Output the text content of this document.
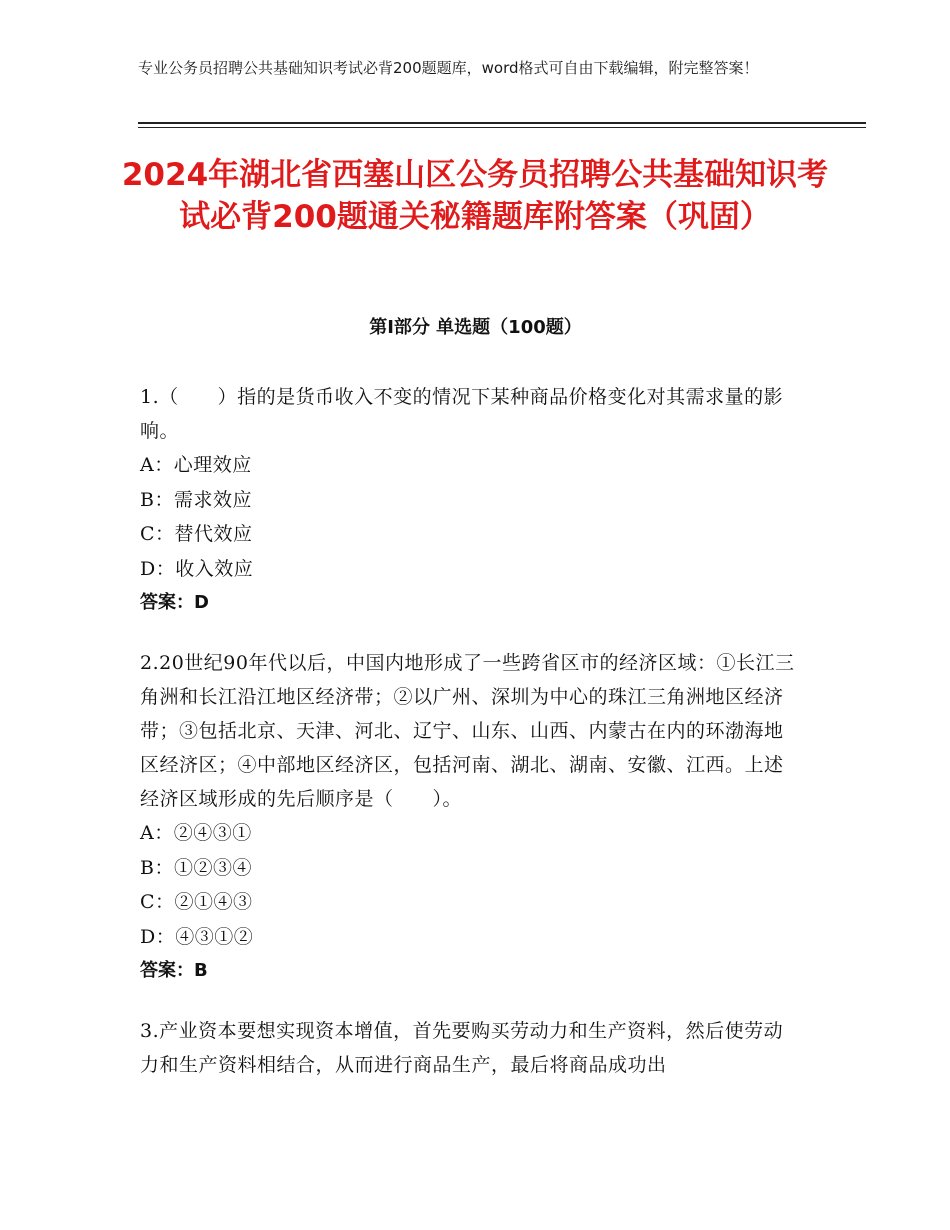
专业公务员招聘公共基础知识考试必背200题题库，word格式可自由下载编辑，附完整答案！
2024年湖北省西塞山区公务员招聘公共基础知识考试必背200题通关秘籍题库附答案（巩固）
第Ⅰ部分 单选题（100题）
1.（　　）指的是货币收入不变的情况下某种商品价格变化对其需求量的影响。
A：心理效应
B：需求效应
C：替代效应
D：收入效应
答案：D
2.20世纪90年代以后，中国内地形成了一些跨省区市的经济区域：①长江三角洲和长江沿江地区经济带；②以广州、深圳为中心的珠江三角洲地区经济带；③包括北京、天津、河北、辽宁、山东、山西、内蒙古在内的环渤海地区经济区；④中部地区经济区，包括河南、湖北、湖南、安徽、江西。上述经济区域形成的先后顺序是（　　）。
A：②④③①
B：①②③④
C：②①④③
D：④③①②
答案：B
3.产业资本要想实现资本增值，首先要购买劳动力和生产资料，然后使劳动力和生产资料相结合，从而进行商品生产，最后将商品成功出
